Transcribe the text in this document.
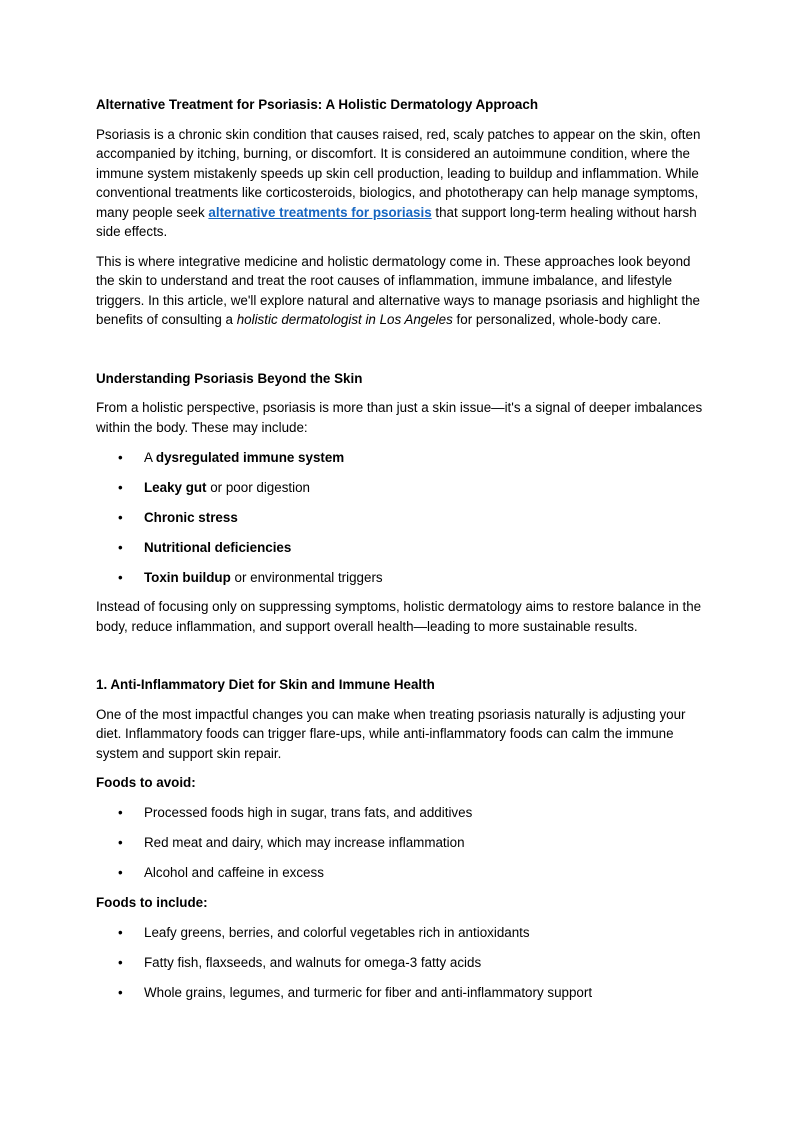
Alternative Treatment for Psoriasis: A Holistic Dermatology Approach

Psoriasis is a chronic skin condition that causes raised, red, scaly patches to appear on the skin, often accompanied by itching, burning, or discomfort. It is considered an autoimmune condition, where the immune system mistakenly speeds up skin cell production, leading to buildup and inflammation. While conventional treatments like corticosteroids, biologics, and phototherapy can help manage symptoms, many people seek alternative treatments for psoriasis that support long-term healing without harsh side effects.

This is where integrative medicine and holistic dermatology come in. These approaches look beyond the skin to understand and treat the root causes of inflammation, immune imbalance, and lifestyle triggers. In this article, we'll explore natural and alternative ways to manage psoriasis and highlight the benefits of consulting a holistic dermatologist in Los Angeles for personalized, whole-body care.

Understanding Psoriasis Beyond the Skin

From a holistic perspective, psoriasis is more than just a skin issue—it's a signal of deeper imbalances within the body. These may include:

• A dysregulated immune system
• Leaky gut or poor digestion
• Chronic stress
• Nutritional deficiencies
• Toxin buildup or environmental triggers

Instead of focusing only on suppressing symptoms, holistic dermatology aims to restore balance in the body, reduce inflammation, and support overall health—leading to more sustainable results.

1. Anti-Inflammatory Diet for Skin and Immune Health

One of the most impactful changes you can make when treating psoriasis naturally is adjusting your diet. Inflammatory foods can trigger flare-ups, while anti-inflammatory foods can calm the immune system and support skin repair.

Foods to avoid:

• Processed foods high in sugar, trans fats, and additives
• Red meat and dairy, which may increase inflammation
• Alcohol and caffeine in excess

Foods to include:

• Leafy greens, berries, and colorful vegetables rich in antioxidants
• Fatty fish, flaxseeds, and walnuts for omega-3 fatty acids
• Whole grains, legumes, and turmeric for fiber and anti-inflammatory support
